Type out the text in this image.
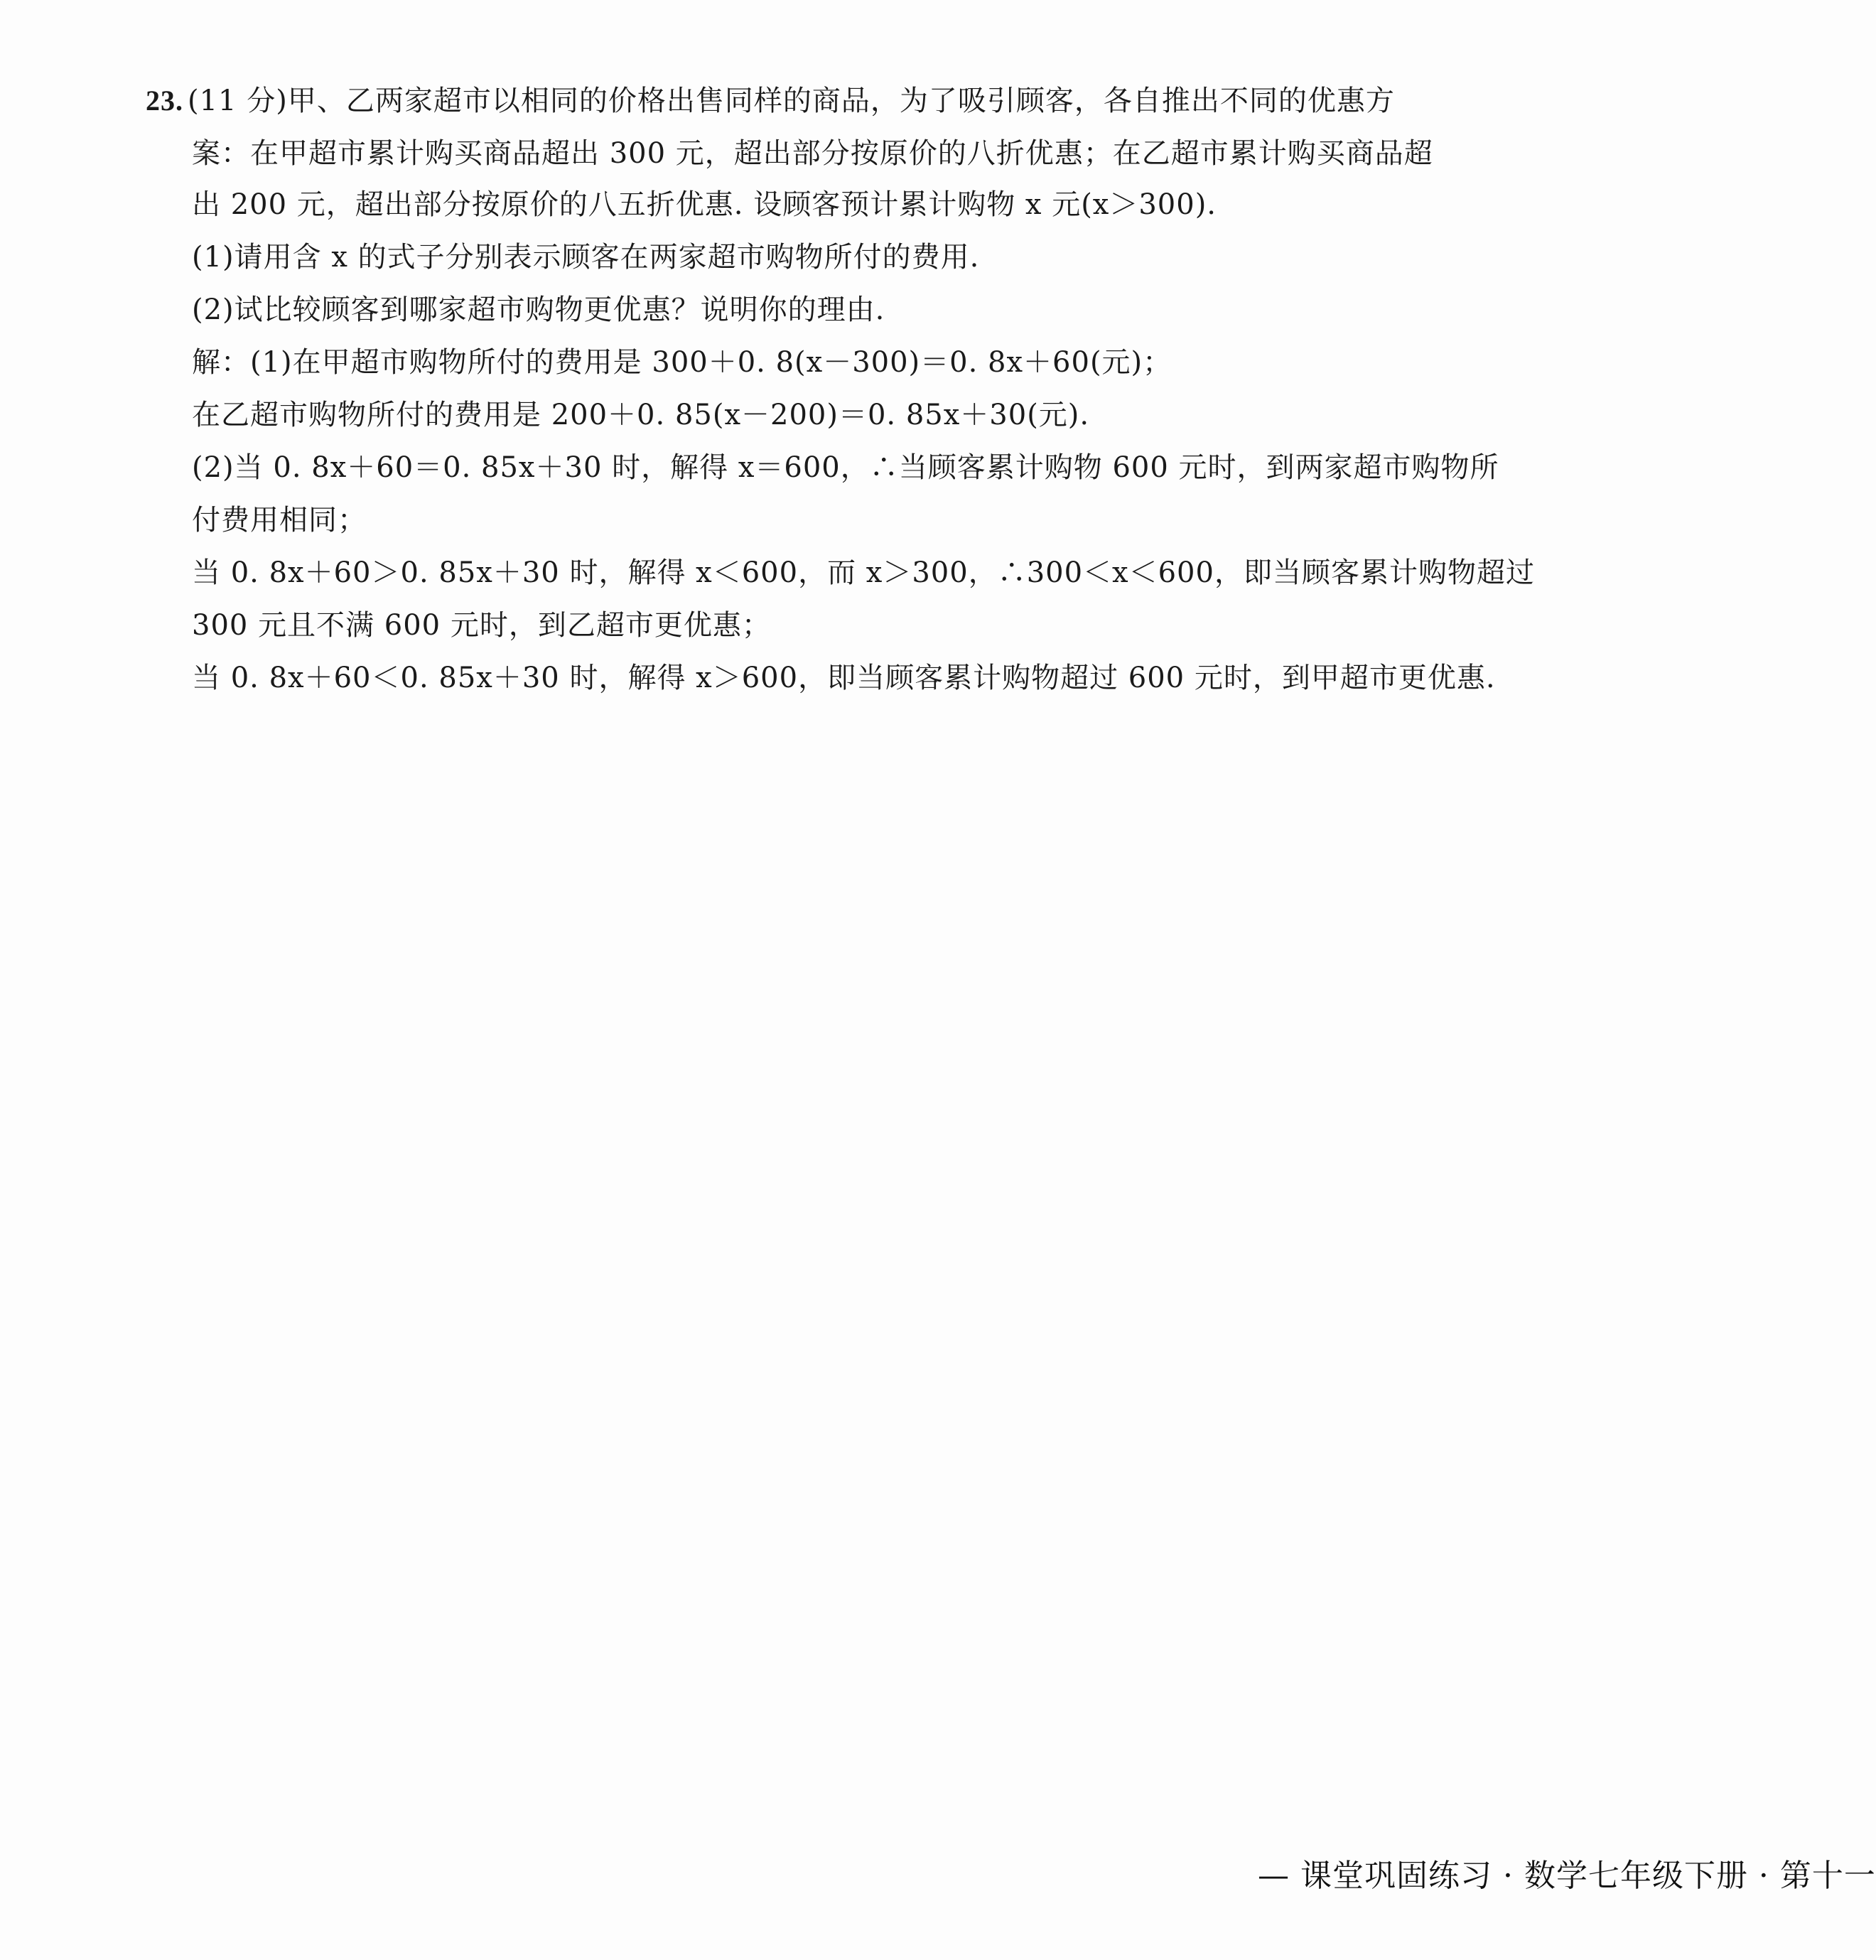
23. (11 分)甲、乙两家超市以相同的价格出售同样的商品，为了吸引顾客，各自推出不同的优惠方
案：在甲超市累计购买商品超出 300 元，超出部分按原价的八折优惠；在乙超市累计购买商品超
出 200 元，超出部分按原价的八五折优惠. 设顾客预计累计购物 x 元(x＞300).
(1)请用含 x 的式子分别表示顾客在两家超市购物所付的费用.
(2)试比较顾客到哪家超市购物更优惠？说明你的理由.
解：(1)在甲超市购物所付的费用是 300＋0. 8(x－300)＝0. 8x＋60(元)；
在乙超市购物所付的费用是 200＋0. 85(x－200)＝0. 85x＋30(元).
(2)当 0. 8x＋60＝0. 85x＋30 时，解得 x＝600，∴当顾客累计购物 600 元时，到两家超市购物所
付费用相同；
当 0. 8x＋60＞0. 85x＋30 时，解得 x＜600，而 x＞300，∴300＜x＜600，即当顾客累计购物超过
300 元且不满 600 元时，到乙超市更优惠；
当 0. 8x＋60＜0. 85x＋30 时，解得 x＞600，即当顾客累计购物超过 600 元时，到甲超市更优惠.
— 课堂巩固练习 · 数学七年级下册 · 第十一
